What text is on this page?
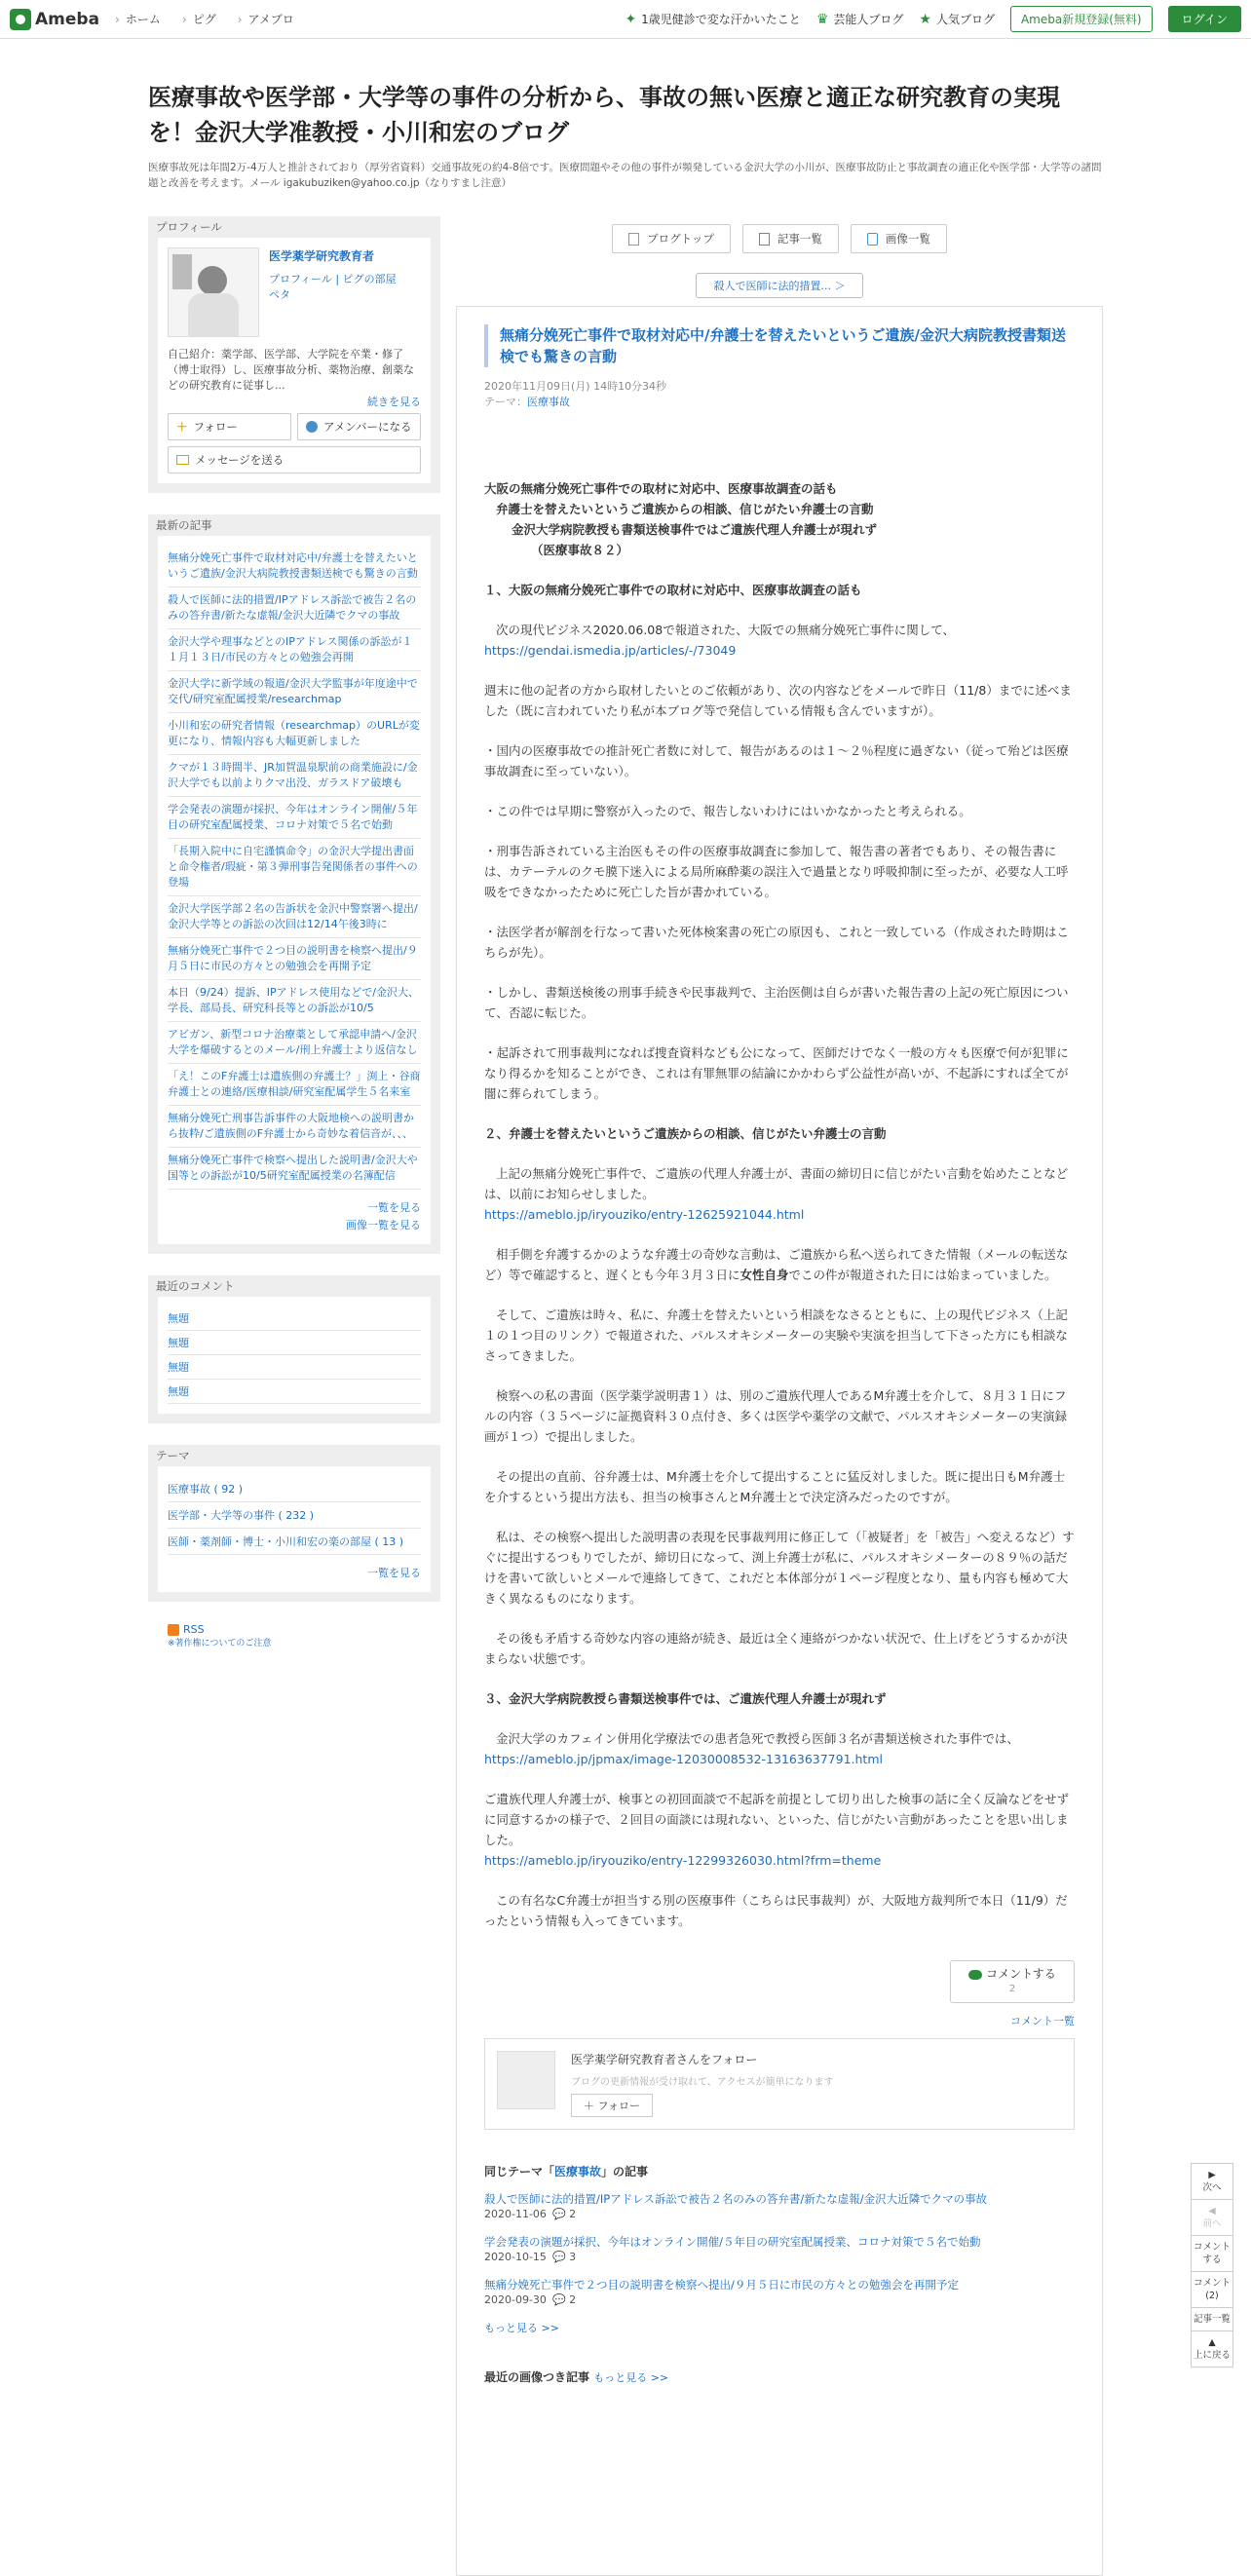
Ameba	› ホーム	› ピグ	› アメブロ	✦ 1歳児健診で変な汗かいたこと ♛ 芸能人ブログ ★ 人気ブログ	Ameba新規登録(無料)	ログイン
医療事故や医学部・大学等の事件の分析から、事故の無い医療と適正な研究教育の実現を！金沢大学准教授・小川和宏のブログ
医療事故死は年間2万-4万人と推計されており（厚労省資料）交通事故死の約4-8倍です。医療問題やその他の事件が頻発している金沢大学の小川が、医療事故防止と事故調査の適正化や医学部・大学等の諸問題と改善を考えます。メール igakubuziken@yahoo.co.jp（なりすまし注意）
プロフィール
医学薬学研究教育者
プロフィール | ピグの部屋
ペタ
自己紹介：薬学部、医学部、大学院を卒業・修了（博士取得）し、医療事故分析、薬物治療、創薬などの研究教育に従事し...
続きを見る
＋ フォロー	アメンバーになる
メッセージを送る
最新の記事
無痛分娩死亡事件で取材対応中/弁護士を替えたいというご遺族/金沢大病院教授書類送検でも驚きの言動
殺人で医師に法的措置/IPアドレス訴訟で被告２名のみの答弁書/新たな虚報/金沢大近隣でクマの事故
金沢大学や理事などとのIPアドレス関係の訴訟が１１月１３日/市民の方々との勉強会再開
金沢大学に新学域の報道/金沢大学監事が年度途中で交代/研究室配属授業/researchmap
小川和宏の研究者情報（researchmap）のURLが変更になり、情報内容も大幅更新しました
クマが１３時間半、JR加賀温泉駅前の商業施設に/金沢大学でも以前よりクマ出没、ガラスドア破壊も
学会発表の演題が採択、今年はオンライン開催/５年目の研究室配属授業、コロナ対策で５名で始動
「長期入院中に自宅謹慎命令」の金沢大学提出書面と命令権者/瑕疵・第３弾刑事告発関係者の事件への登場
金沢大学医学部２名の告訴状を金沢中警察署へ提出/金沢大学等との訴訟の次回は12/14午後3時に
無痛分娩死亡事件で２つ目の説明書を検察へ提出/９月５日に市民の方々との勉強会を再開予定
本日（9/24）提訴、IPアドレス使用などで/金沢大、学長、部局長、研究科長等との訴訟が10/5
アビガン、新型コロナ治療薬として承認申請へ/金沢大学を爆破するとのメール/刑上弁護士より返信なし
「え！このF弁護士は遺族側の弁護士？」渕上・谷商弁護士との連絡/医療相談/研究室配属学生５名来室
無痛分娩死亡刑事告訴事件の大阪地検への説明書から抜粋/ご遺族側のF弁護士から奇妙な着信音が、、、
無痛分娩死亡事件で検察へ提出した説明書/金沢大や国等との訴訟が10/5研究室配属授業の名簿配信
一覧を見る
画像一覧を見る
最近のコメント
無題
無題
無題
無題
テーマ
医療事故 ( 92 )
医学部・大学等の事件 ( 232 )
医師・薬剤師・博士・小川和宏の楽の部屋 ( 13 )
一覧を見る
RSS
※著作権についてのご注意
ブログトップ	記事一覧	画像一覧
殺人で医師に法的措置... ＞
無痛分娩死亡事件で取材対応中/弁護士を替えたいというご遺族/金沢大病院教授書類送検でも驚きの言動
2020年11月09日(月) 14時10分34秒
テーマ：医療事故

大阪の無痛分娩死亡事件での取材に対応中、医療事故調査の話も
弁護士を替えたいというご遺族からの相談、信じがたい弁護士の言動
金沢大学病院教授も書類送検事件ではご遺族代理人弁護士が現れず
（医療事故８２）

１、大阪の無痛分娩死亡事件での取材に対応中、医療事故調査の話も

次の現代ビジネス2020.06.08で報道された、大阪での無痛分娩死亡事件に関して、
https://gendai.ismedia.jp/articles/-/73049

週末に他の記者の方から取材したいとのご依頼があり、次の内容などをメールで昨日（11/8）までに述べました（既に言われていたり私が本ブログ等で発信している情報も含んでいますが）。

・国内の医療事故での推計死亡者数に対して、報告があるのは１〜２％程度に過ぎない（従って殆どは医療事故調査に至っていない）。

・この件では早期に警察が入ったので、報告しないわけにはいかなかったと考えられる。

・刑事告訴されている主治医もその件の医療事故調査に参加して、報告書の著者でもあり、その報告書には、カテーテルのクモ膜下迷入による局所麻酔薬の誤注入で過量となり呼吸抑制に至ったが、必要な人工呼吸をできなかったために死亡した旨が書かれている。

・法医学者が解剖を行なって書いた死体検案書の死亡の原因も、これと一致している（作成された時期はこちらが先）。

・しかし、書類送検後の刑事手続きや民事裁判で、主治医側は自らが書いた報告書の上記の死亡原因について、否認に転じた。

・起訴されて刑事裁判になれば捜査資料なども公になって、医師だけでなく一般の方々も医療で何が犯罪になり得るかを知ることができ、これは有罪無罪の結論にかかわらず公益性が高いが、不起訴にすれば全てが闇に葬られてしまう。

２、弁護士を替えたいというご遺族からの相談、信じがたい弁護士の言動

上記の無痛分娩死亡事件で、ご遺族の代理人弁護士が、書面の締切日に信じがたい言動を始めたことなどは、以前にお知らせしました。
https://ameblo.jp/iryouziko/entry-12625921044.html

相手側を弁護するかのような弁護士の奇妙な言動は、ご遺族から私へ送られてきた情報（メールの転送など）等で確認すると、遅くとも今年３月３日に女性自身でこの件が報道された日には始まっていました。

そして、ご遺族は時々、私に、弁護士を替えたいという相談をなさるとともに、上の現代ビジネス（上記１の１つ目のリンク）で報道された、パルスオキシメーターの実験や実演を担当して下さった方にも相談なさってきました。

検察への私の書面（医学薬学説明書１）は、別のご遺族代理人であるM弁護士を介して、８月３１日にフルの内容（３５ページに証拠資料３０点付き、多くは医学や薬学の文献で、パルスオキシメーターの実演録画が１つ）で提出しました。

その提出の直前、谷弁護士は、M弁護士を介して提出することに猛反対しました。既に提出日もM弁護士を介するという提出方法も、担当の検事さんとM弁護士とで決定済みだったのですが。

私は、その検察へ提出した説明書の表現を民事裁判用に修正して（「被疑者」を「被告」へ変えるなど）すぐに提出するつもりでしたが、締切日になって、渕上弁護士が私に、パルスオキシメーターの８９％の話だけを書いて欲しいとメールで連絡してきて、これだと本体部分が１ページ程度となり、量も内容も極めて大きく異なるものになります。

その後も矛盾する奇妙な内容の連絡が続き、最近は全く連絡がつかない状況で、仕上げをどうするかが決まらない状態です。

３、金沢大学病院教授ら書類送検事件では、ご遺族代理人弁護士が現れず

金沢大学のカフェイン併用化学療法での患者急死で教授ら医師３名が書類送検された事件では、
https://ameblo.jp/jpmax/image-12030008532-13163637791.html

ご遺族代理人弁護士が、検事との初回面談で不起訴を前提として切り出した検事の話に全く反論などをせずに同意するかの様子で、２回目の面談には現れない、といった、信じがたい言動があったことを思い出しました。
https://ameblo.jp/iryouziko/entry-12299326030.html?frm=theme

この有名なC弁護士が担当する別の医療事件（こちらは民事裁判）が、大阪地方裁判所で本日（11/9）だったという情報も入ってきています。

コメントする
2
コメント一覧
医学薬学研究教育者さんをフォロー
ブログの更新情報が受け取れて、アクセスが簡単になります
＋ フォロー
同じテーマ「医療事故」の記事
殺人で医師に法的措置/IPアドレス訴訟で被告２名のみの答弁書/新たな虚報/金沢大近隣でクマの事故
2020-11-06 💬 2
学会発表の演題が採択、今年はオンライン開催/５年目の研究室配属授業、コロナ対策で５名で始動
2020-10-15 💬 3
無痛分娩死亡事件で２つ目の説明書を検察へ提出/９月５日に市民の方々との勉強会を再開予定
2020-09-30 💬 2
もっと見る >>
最近の画像つき記事 もっと見る >>
▶
次へ
◀
前へ
コメントする
コメント(2)
記事一覧
▲
上に戻る
